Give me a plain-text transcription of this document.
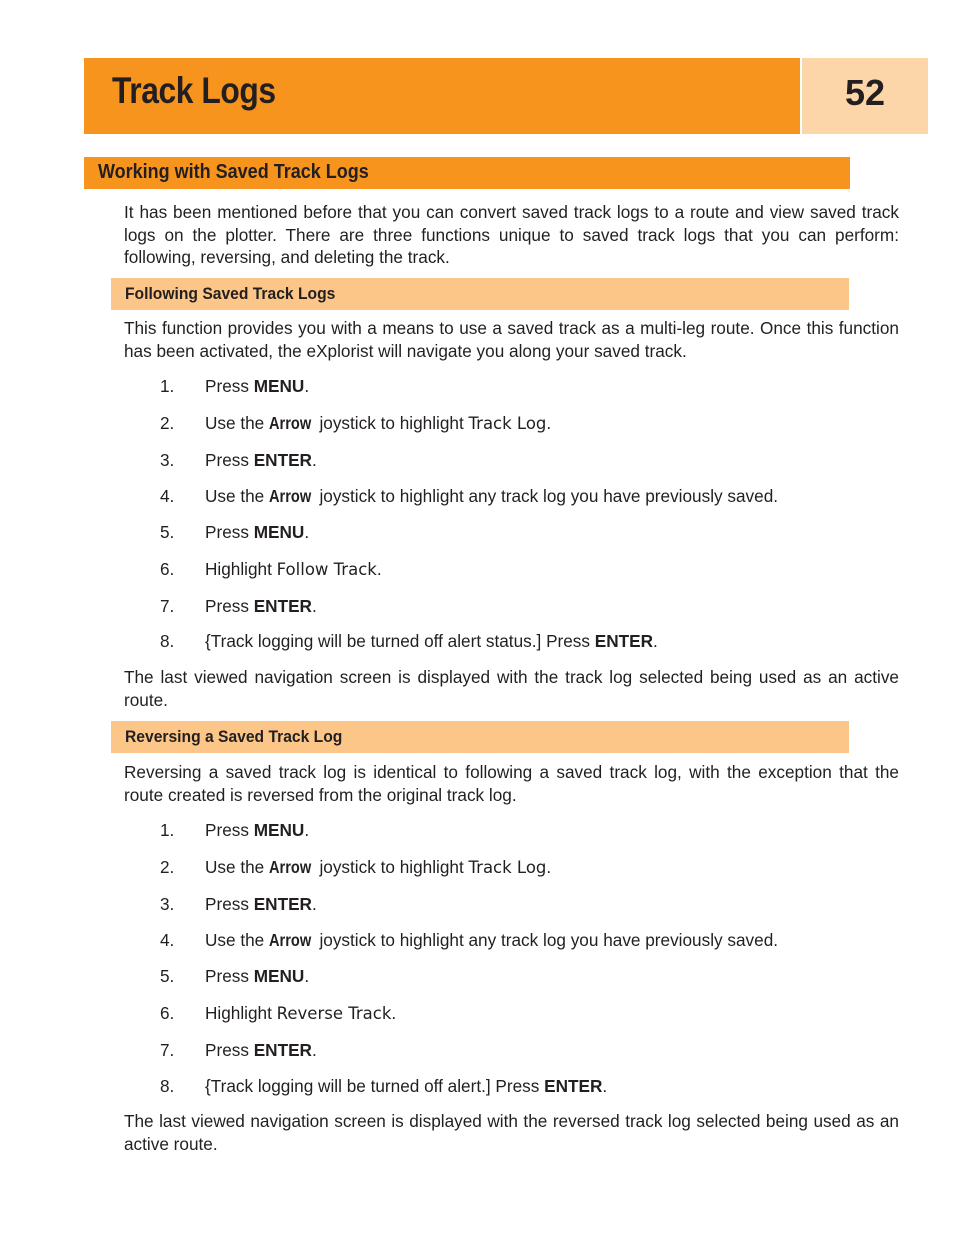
Track Logs	52
Working with Saved Track Logs

It has been mentioned before that you can convert saved track logs to a route and view saved track logs on the plotter. There are three functions unique to saved track logs that you can perform: following, reversing, and deleting the track.

Following Saved Track Logs

This function provides you with a means to use a saved track as a multi-leg route. Once this function has been activated, the eXplorist will navigate you along your saved track.

1.	Press MENU.
2.	Use the Arrow joystick to highlight Track Log.
3.	Press ENTER.
4.	Use the Arrow joystick to highlight any track log you have previously saved.
5.	Press MENU.
6.	Highlight Follow Track.
7.	Press ENTER.
8.	{Track logging will be turned off alert status.] Press ENTER.

The last viewed navigation screen is displayed with the track log selected being used as an active route.

Reversing a Saved Track Log

Reversing a saved track log is identical to following a saved track log, with the exception that the route created is reversed from the original track log.

1.	Press MENU.
2.	Use the Arrow joystick to highlight Track Log.
3.	Press ENTER.
4.	Use the Arrow joystick to highlight any track log you have previously saved.
5.	Press MENU.
6.	Highlight Reverse Track.
7.	Press ENTER.
8.	{Track logging will be turned off alert.] Press ENTER.

The last viewed navigation screen is displayed with the reversed track log selected being used as an active route.
